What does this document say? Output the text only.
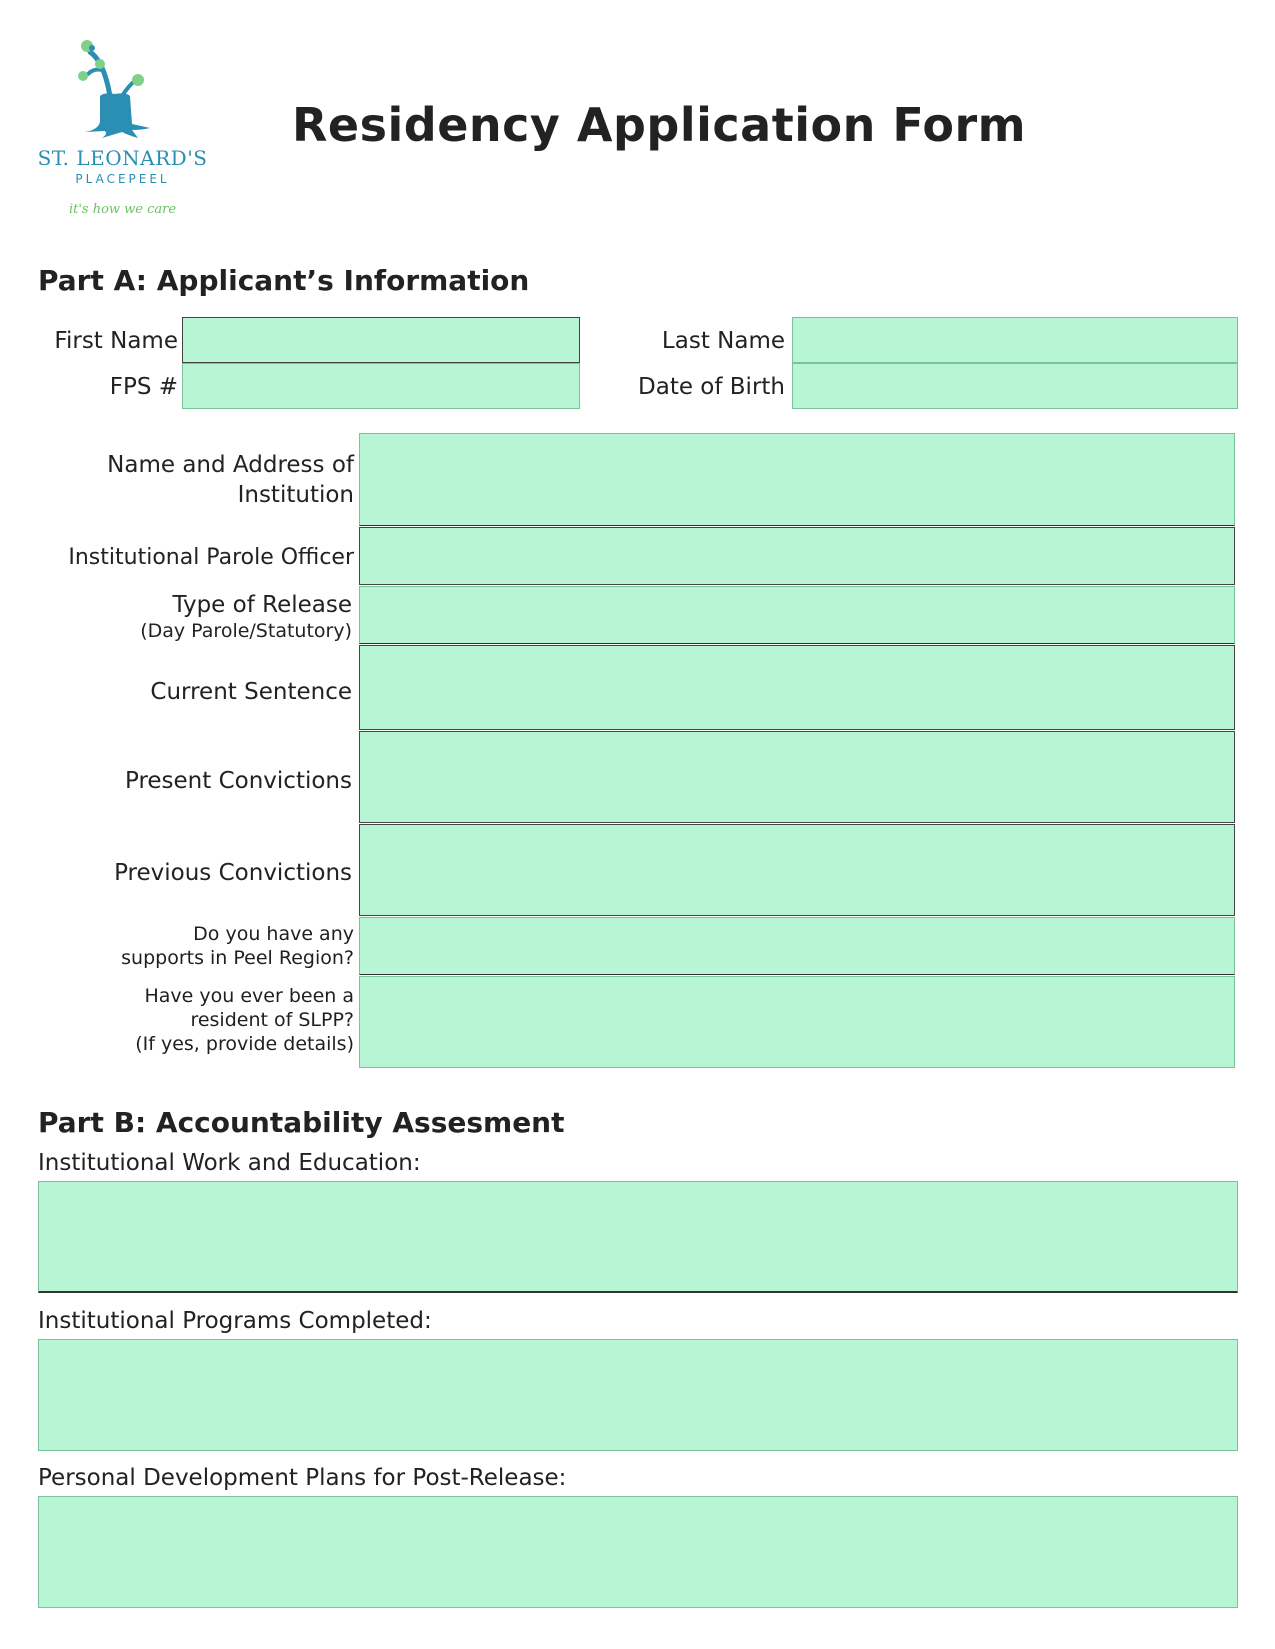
ST. LEONARD'S
PLACEPEEL
it's how we care
Residency Application Form
Part A: Applicant’s Information
First Name
FPS #
Last Name
Date of Birth
Name and Address of
Institution
Institutional Parole Officer
Type of Release
(Day Parole/Statutory)
Current Sentence
Present Convictions
Previous Convictions
Do you have any
supports in Peel Region?
Have you ever been a
resident of SLPP?
(If yes, provide details)
Part B: Accountability Assesment
Institutional Work and Education:
Institutional Programs Completed:
Personal Development Plans for Post-Release:
